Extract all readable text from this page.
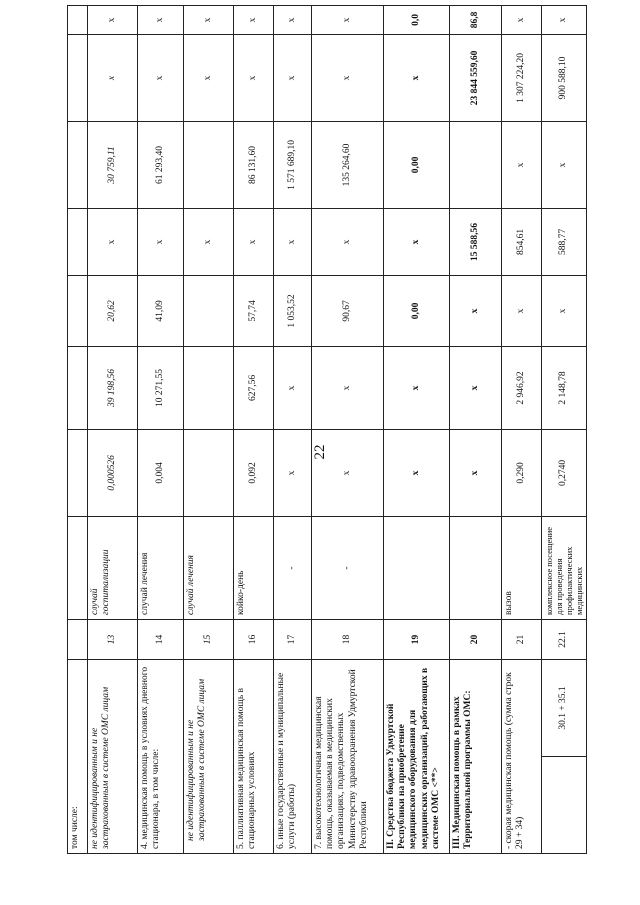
22
том числе:										
не идентифицированным и не застрахованным в системе ОМС лицам		13	случай госпитализации	0,000526	39 198,56	20,62	х	30 759,11	х	х
4. медицинская помощь в условиях дневного стационара, в том числе:		14	случай лечения	0,004	10 271,55	41,09	х	61 293,40	х	х
не идентифицированным и не застрахованным в системе ОМС лицам		15	случай лечения				х		х	х
5. паллиативная медицинская помощь в стационарных условиях		16	койко-день	0,092	627,56	57,74	х	86 131,60	х	х
6. иные государственные и муниципальные услуги (работы)		17	-	х	х	1 053,52	х	1 571 689,10	х	х
7. высокотехнологичная медицинская помощь, оказываемая в медицинских организациях, подведомственных Министерству здравоохранения Удмуртской Республики		18	-	х	х	90,67	х	135 264,60	х	х
II. Средства бюджета Удмуртской Республики на приобретение медицинского оборудования для медицинских организаций, работающих в системе ОМС <**>		19		х	х	0,00	х	0,00	х	0,0
III. Медицинская помощь в рамках Территориальной программы ОМС:		20		х	х	х	15 588,56		23 844 559,60	86,8
- скорая медицинская помощь (сумма строк 29 + 34)		21	вызов	0,290	2 946,92	х	854,61	х	1 307 224,20	х
	30.1 + 35.1	22.1	комплексное посещение для проведения профилактических медицинских	0,2740	2 148,78	х	588,77	х	900 588,10	х
